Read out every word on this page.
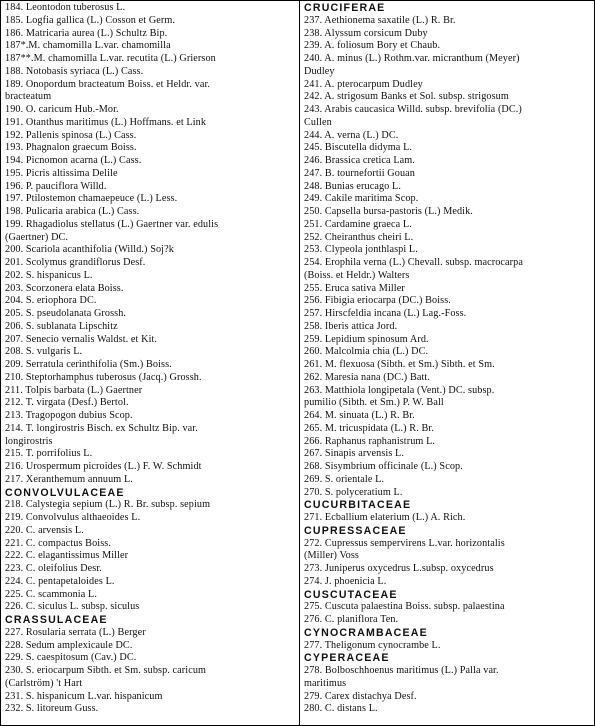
184. Leontodon tuberosus L.
185. Logfia gallica (L.) Cosson et Germ.
186. Matricaria aurea (L.) Schultz Bip.
187*.M. chamomilla L.var. chamomilla
187**.M. chamomilla L.var. recutita (L.) Grierson
188. Notobasis syriaca (L.) Cass.
189. Onopordum bracteatum Boiss. et Heldr. var.
bracteatum
190. O. caricum Hub.-Mor.
191. Otanthus maritimus (L.) Hoffmans. et Link
192. Pallenis spinosa (L.) Cass.
193. Phagnalon graecum Boiss.
194. Picnomon acarna (L.) Cass.
195. Picris altissima Delile
196. P. pauciflora Willd.
197. Ptilostemon chamaepeuce (L.) Less.
198. Pulicaria arabica (L.) Cass.
199. Rhagadiolus stellatus (L.) Gaertner var. edulis
(Gaertner) DC.
200. Scariola acanthifolia (Willd.) Soj?k
201. Scolymus grandiflorus Desf.
202. S. hispanicus L.
203. Scorzonera elata Boiss.
204. S. eriophora DC.
205. S. pseudolanata Grossh.
206. S. sublanata Lipschitz
207. Senecio vernalis Waldst. et Kit.
208. S. vulgaris L.
209. Serratula cerinthifolia (Sm.) Boiss.
210. Steptorhamphus tuberosus (Jacq.) Grossh.
211. Tolpis barbata (L.) Gaertner
212. T. virgata (Desf.) Bertol.
213. Tragopogon dubius Scop.
214. T. longirostris Bisch. ex Schultz Bip. var.
longirostris
215. T. porrifolius L.
216. Urospermum picroides (L.) F. W. Schmidt
217. Xeranthemum annuum L.
CONVOLVULACEAE
218. Calystegia sepium (L.) R. Br. subsp. sepium
219. Convolvulus althaeoides L.
220. C. arvensis L.
221. C. compactus Boiss.
222. C. elagantissimus Miller
223. C. oleifolius Desr.
224. C. pentapetaloides L.
225. C. scammonia L.
226. C. siculus L. subsp. siculus
CRASSULACEAE
227. Rosularia serrata (L.) Berger
228. Sedum amplexicaule DC.
229. S. caespitosum (Cav.) DC.
230. S. eriocarpum Sibth. et Sm. subsp. caricum
(Carlström) 't Hart
231. S. hispanicum L.var. hispanicum
232. S. litoreum Guss.
CRUCIFERAE
237. Aethionema saxatile (L.) R. Br.
238. Alyssum corsicum Duby
239. A. foliosum Bory et Chaub.
240. A. minus (L.) Rothm.var. micranthum (Meyer)
Dudley
241. A. pterocarpum Dudley
242. A. strigosum Banks et Sol. subsp. strigosum
243. Arabis caucasica Willd. subsp. brevifolia (DC.)
Cullen
244. A. verna (L.) DC.
245. Biscutella didyma L.
246. Brassica cretica Lam.
247. B. tournefortii Gouan
248. Bunias erucago L.
249. Cakile maritima Scop.
250. Capsella bursa-pastoris (L.) Medik.
251. Cardamine graeca L.
252. Cheiranthus cheiri L.
253. Clypeola jonthlaspi L.
254. Erophila verna (L.) Chevall. subsp. macrocarpa
(Boiss. et Heldr.) Walters
255. Eruca sativa Miller
256. Fibigia eriocarpa (DC.) Boiss.
257. Hirscfeldia incana (L.) Lag.-Foss.
258. Iberis attica Jord.
259. Lepidium spinosum Ard.
260. Malcolmia chia (L.) DC.
261. M. flexuosa (Sibth. et Sm.) Sibth. et Sm.
262. Maresia nana (DC.) Batt.
263. Matthiola longipetala (Vent.) DC. subsp.
pumilio (Sibth. et Sm.) P. W. Ball
264. M. sinuata (L.) R. Br.
265. M. tricuspidata (L.) R. Br.
266. Raphanus raphanistrum L.
267. Sinapis arvensis L.
268. Sisymbrium officinale (L.) Scop.
269. S. orientale L.
270. S. polyceratium L.
CUCURBITACEAE
271. Ecballium elaterium (L.) A. Rich.
CUPRESSACEAE
272. Cupressus sempervirens L.var. horizontalis
(Miller) Voss
273. Juniperus oxycedrus L.subsp. oxycedrus
274. J. phoenicia L.
CUSCUTACEAE
275. Cuscuta palaestina Boiss. subsp. palaestina
276. C. planiflora Ten.
CYNOCRAMBACEAE
277. Theligonum cynocrambe L.
CYPERACEAE
278. Bolboschhoenus maritimus (L.) Palla var.
maritimus
279. Carex distachya Desf.
280. C. distans L.
